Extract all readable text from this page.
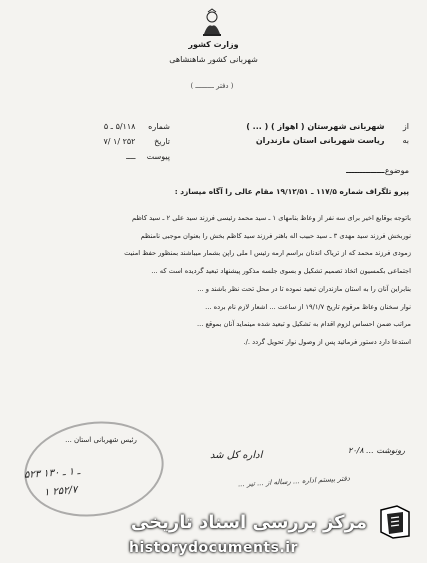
وزارت کشور
شهربانی کشور شاهنشاهی
( دفتر ـــــــــ )
از شهربانی شهرستان ( اهواز ) ( ... )
به ریاست شهربانی استان مازندران
موضوع ــــــــــــــ
شماره ۵/۱۱۸ ـ ۵
تاریخ ۲۵۲ /۱ /۷
پیوست ــــ
پیرو تلگراف شماره ۱۱۷/۵ ـ ۱۹/۱۲/۵۱ مقام عالی را آگاه میسازد :
باتوجه بوقایع اخیر برای سه نفر از وعاظ بنامهای ۱ ـ سید محمد رئیسی فرزند سید علی ۲ ـ سید کاظم
نوربخش فرزند سید مهدی ۳ ـ سید حبیب اله باهنر فرزند سید کاظم بخش را بعنوان موجبی نامنظم
زمودی فرزند محمد که از تریاک اندنان براسم ارمه رئیس ا ملی راپن بشمار میباشند بمنظور حفظ امنیت
اجتماعی بکمسیون اتخاذ تصمیم تشکیل و بسوی جلسه مذکور پیشنهاد تبعید گردیده است که ...
بنابراین آنان را به استان مازندران تبعید نموده تا در محل تحت نظر باشند و ...
نوار سخنان وعاظ مرقوم تاریخ ۱۹/۱/۷ از ساعت ... اشعار لازم نام برده ...
مراتب ضمن احساس لزوم اقدام به تشکیل و تبعید شده مینماید آنان بموقع ...
استدعا دارد دستور فرمائید پس از وصول نوار تحویل گردد ./.
رئیس شهربانی استان ...
اداره کل شد	رونوشت ... ۲۰/۸
۵۲۳ ـ ۱ ـ ۱۳۰
۱ ۲۵۲/۷
دفتر بیستم اداره ... رساله از ... تیر ...
مرکز بررسی اسناد تاریخی
historydocuments.ir
